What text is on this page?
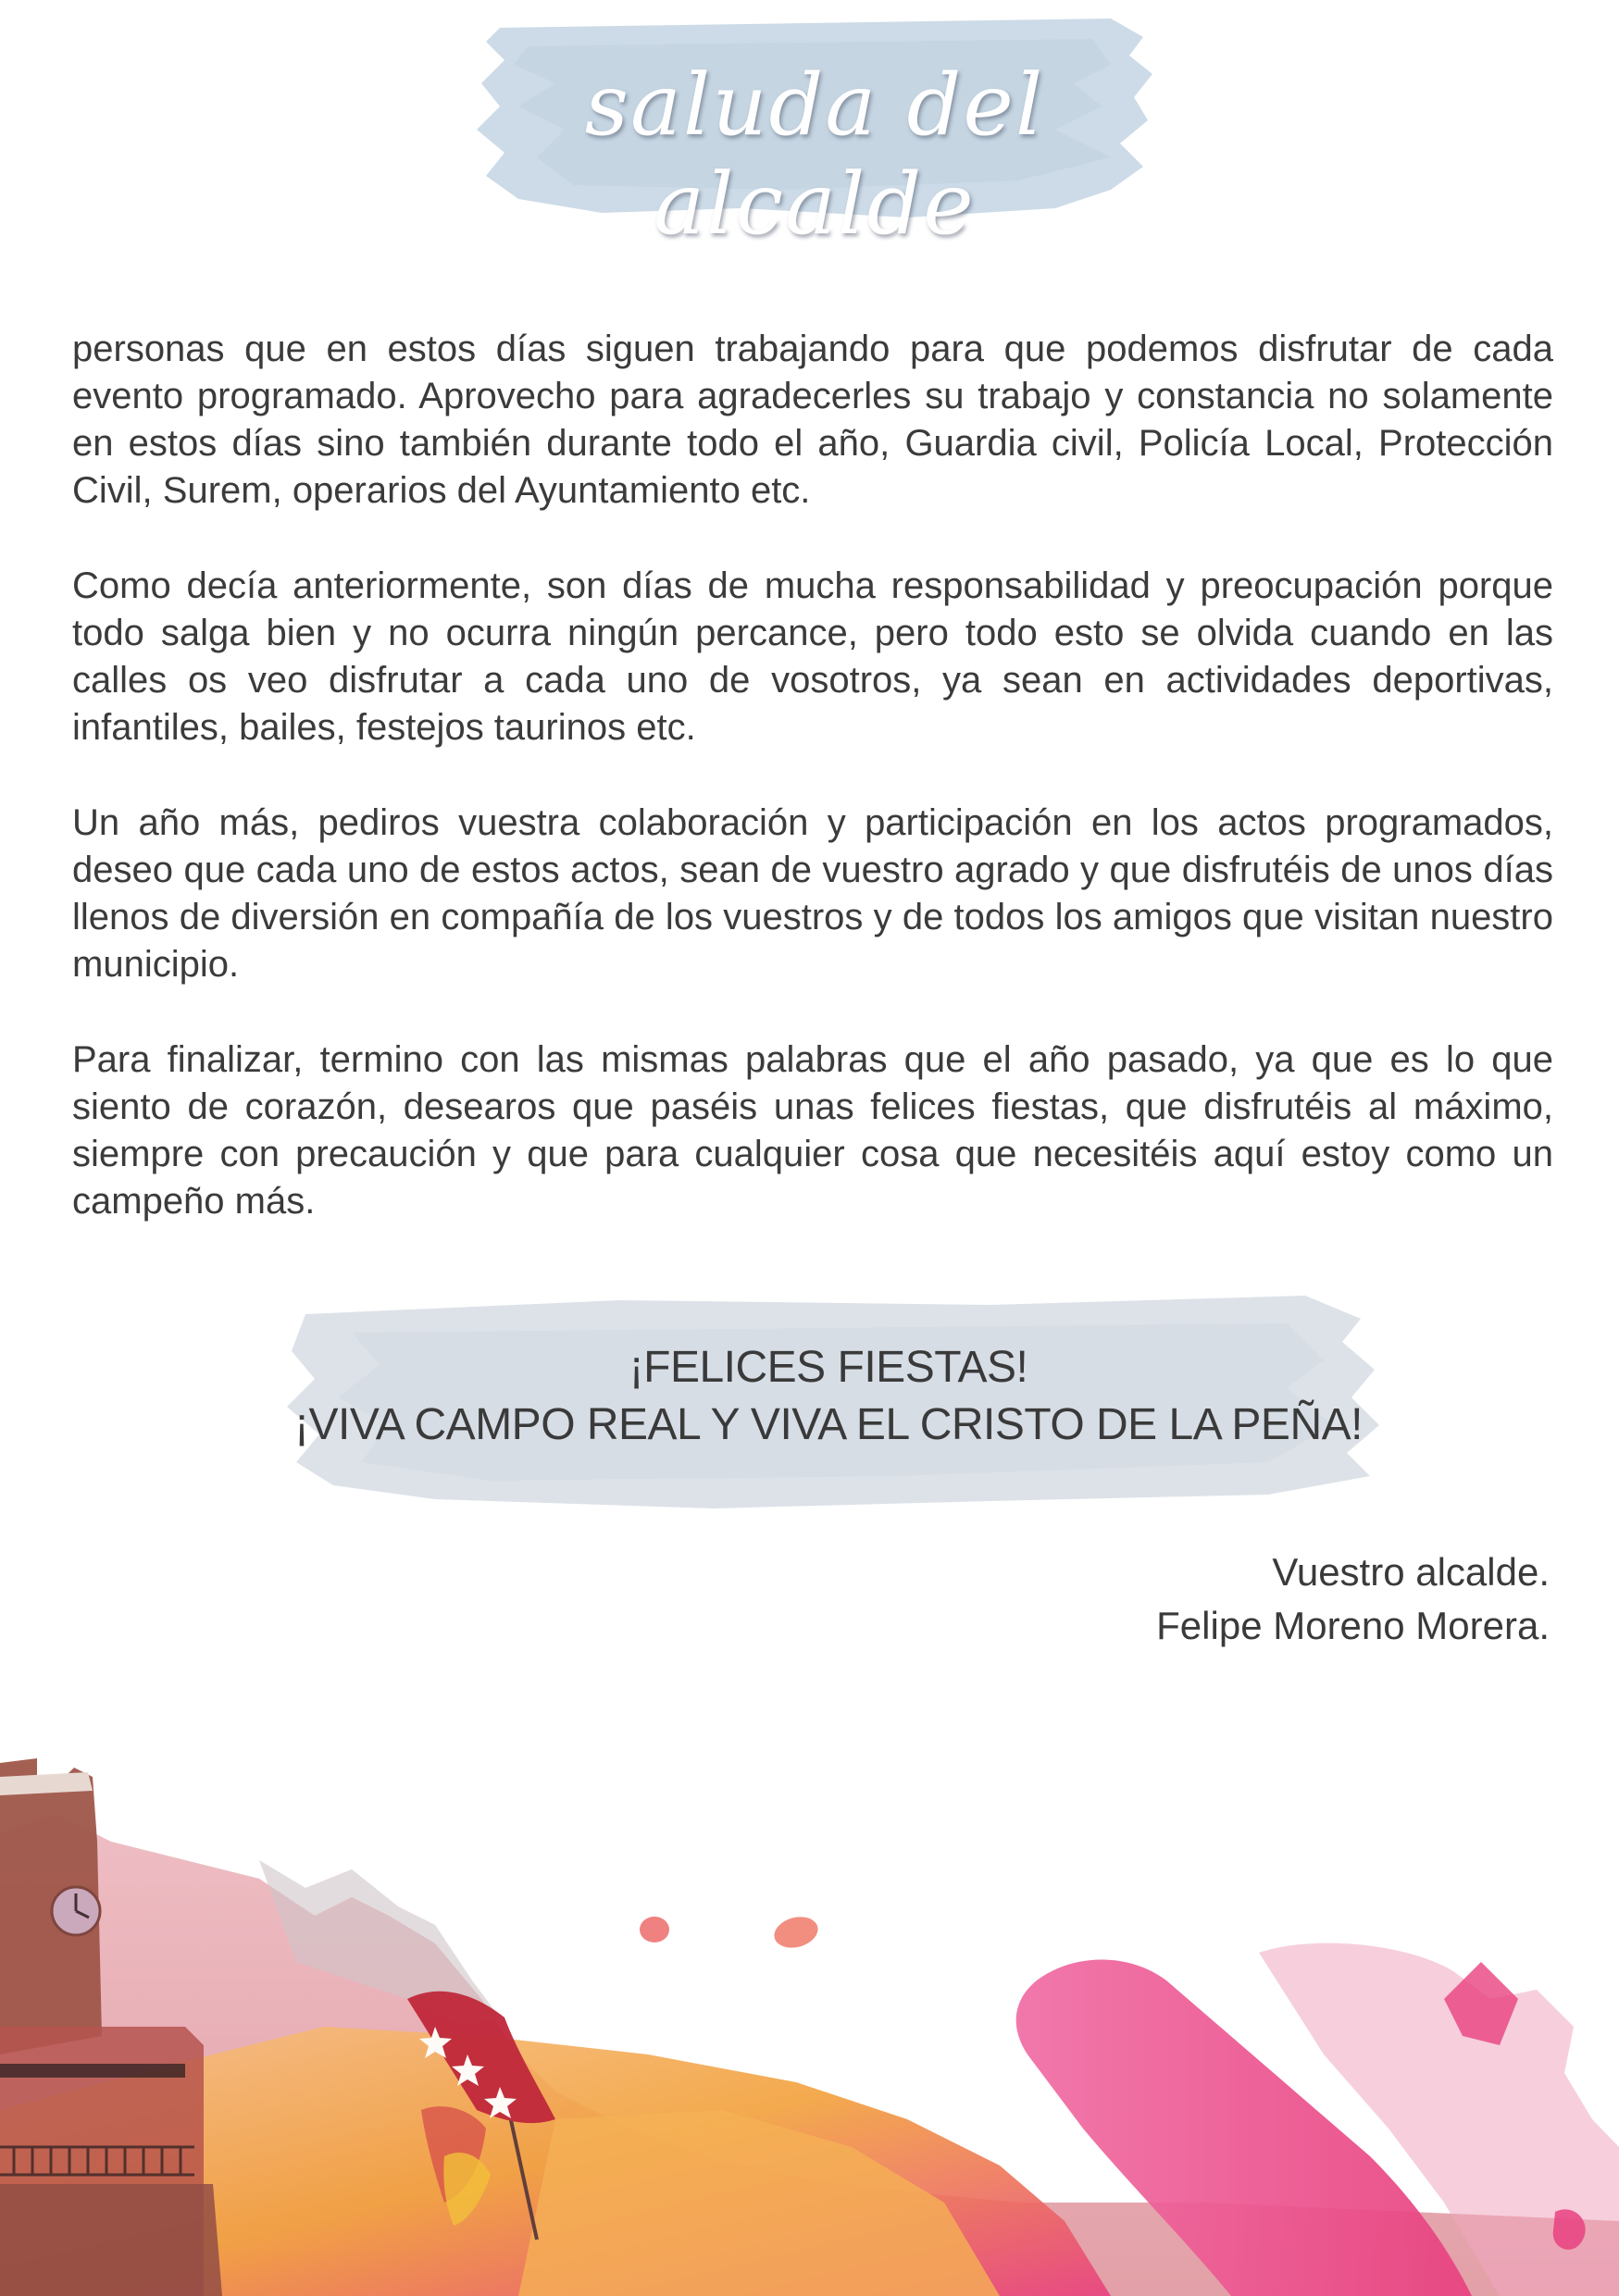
saluda del alcalde

personas que en estos días siguen trabajando para que podemos disfrutar de cada evento programado. Aprovecho para agradecerles su trabajo y constancia no solamente en estos días sino también durante todo el año, Guardia civil, Policía Local, Protección Civil, Surem, operarios del Ayuntamiento etc.

Como decía anteriormente, son días de mucha responsabilidad y preocupación porque todo salga bien y no ocurra ningún percance, pero todo esto se olvida cuando en las calles os veo disfrutar a cada uno de vosotros, ya sean en actividades deportivas, infantiles, bailes, festejos taurinos etc.

Un año más, pediros vuestra colaboración y participación en los actos programados, deseo que cada uno de estos actos, sean de vuestro agrado y que disfrutéis de unos días llenos de diversión en compañía de los vuestros y de todos los amigos que visitan nuestro municipio.

Para finalizar, termino con las mismas palabras que el año pasado, ya que es lo que siento de corazón, desearos que paséis unas felices fiestas, que disfrutéis al máximo, siempre con precaución y que para cualquier cosa que necesitéis aquí estoy como un campeño más.

¡FELICES FIESTAS!
¡VIVA CAMPO REAL Y VIVA EL CRISTO DE LA PEÑA!
Vuestro alcalde.
Felipe Moreno Morera.
